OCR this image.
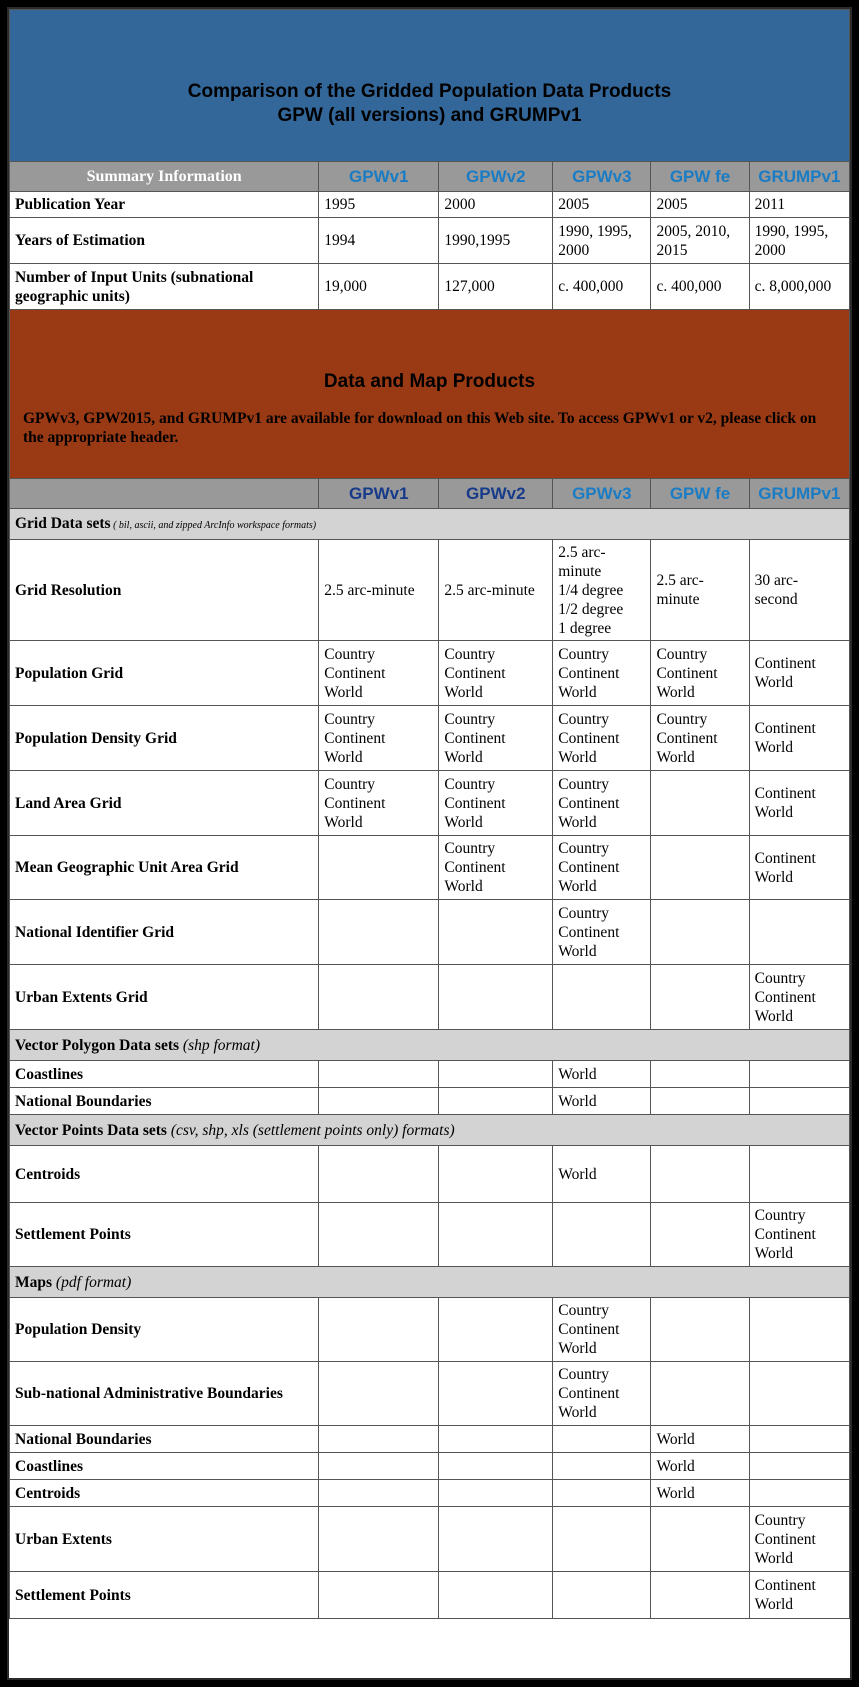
Comparison of the Gridded Population Data Products
GPW (all versions) and GRUMPv1					

Summary Information	GPWv1	GPWv2	GPWv3	GPW fe	GRUMPv1
Publication Year	1995	2000	2005	2005	2011
Years of Estimation	1994	1990,1995	1990, 1995, 2000	2005, 2010, 2015	1990, 1995, 2000
Number of Input Units (subnational geographic units)	19,000	127,000	c. 400,000	c. 400,000	c. 8,000,000

Data and Map Products
GPWv3, GPW2015, and GRUMPv1 are available for download on this Web site. To access GPWv1 or v2, please click on the appropriate header.					

	GPWv1	GPWv2	GPWv3	GPW fe	GRUMPv1
Grid Data sets ( bil, ascii, and zipped ArcInfo workspace formats)					
Grid Resolution	2.5 arc-minute	2.5 arc-minute	2.5 arc-
minute
1/4 degree
1/2 degree
1 degree	2.5 arc-
minute	30 arc-
second
Population Grid	Country
Continent
World	Country
Continent
World	Country
Continent
World	Country
Continent
World	Continent
World
Population Density Grid	Country
Continent
World	Country
Continent
World	Country
Continent
World	Country
Continent
World	Continent
World
Land Area Grid	Country
Continent
World	Country
Continent
World	Country
Continent
World		Continent
World
Mean Geographic Unit Area Grid		Country
Continent
World	Country
Continent
World		Continent
World
National Identifier Grid			Country
Continent
World		
Urban Extents Grid					Country
Continent
World
Vector Polygon Data sets (shp format)					
Coastlines			World		
National Boundaries			World		
Vector Points Data sets (csv, shp, xls (settlement points only) formats)					
Centroids			World		
Settlement Points					Country
Continent
World
Maps (pdf format)					
Population Density			Country
Continent
World		
Sub-national Administrative Boundaries			Country
Continent
World		
National Boundaries				World	
Coastlines				World	
Centroids				World	
Urban Extents					Country
Continent
World
Settlement Points					Continent
World
